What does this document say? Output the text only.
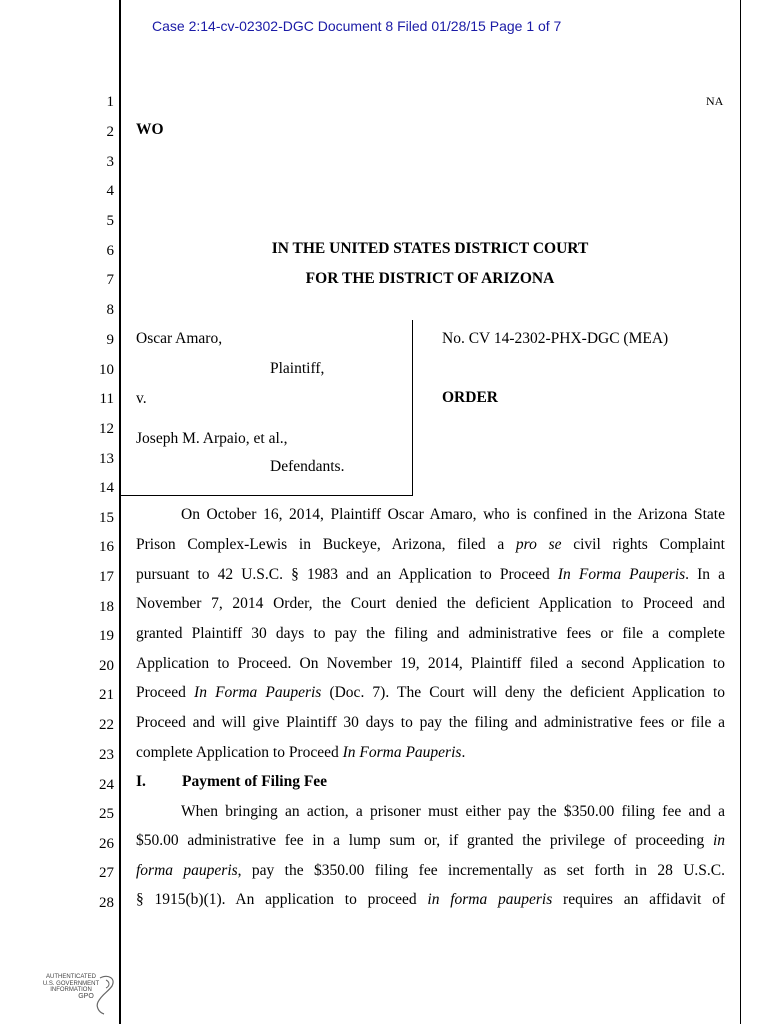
Case 2:14-cv-02302-DGC Document 8 Filed 01/28/15 Page 1 of 7
1
2
3
4
5
6
7
8
9
10
11
12
13
14
15
16
17
18
19
20
21
22
23
24
25
26
27
28
NA
WO
IN THE UNITED STATES DISTRICT COURT
FOR THE DISTRICT OF ARIZONA
Oscar Amaro,
Plaintiff,
v.
Joseph M. Arpaio, et al.,
Defendants.
No. CV 14-2302-PHX-DGC (MEA)
ORDER
On October 16, 2014, Plaintiff Oscar Amaro, who is confined in the Arizona State
Prison Complex-Lewis in Buckeye, Arizona, filed a pro se civil rights Complaint
pursuant to 42 U.S.C. § 1983 and an Application to Proceed In Forma Pauperis. In a
November 7, 2014 Order, the Court denied the deficient Application to Proceed and
granted Plaintiff 30 days to pay the filing and administrative fees or file a complete
Application to Proceed. On November 19, 2014, Plaintiff filed a second Application to
Proceed In Forma Pauperis (Doc. 7). The Court will deny the deficient Application to
Proceed and will give Plaintiff 30 days to pay the filing and administrative fees or file a
complete Application to Proceed In Forma Pauperis.
When bringing an action, a prisoner must either pay the $350.00 filing fee and a
$50.00 administrative fee in a lump sum or, if granted the privilege of proceeding in
forma pauperis, pay the $350.00 filing fee incrementally as set forth in 28 U.S.C.
§ 1915(b)(1). An application to proceed in forma pauperis requires an affidavit of
I. Payment of Filing Fee
AUTHENTICATED
U.S. GOVERNMENT
INFORMATION
GPO
